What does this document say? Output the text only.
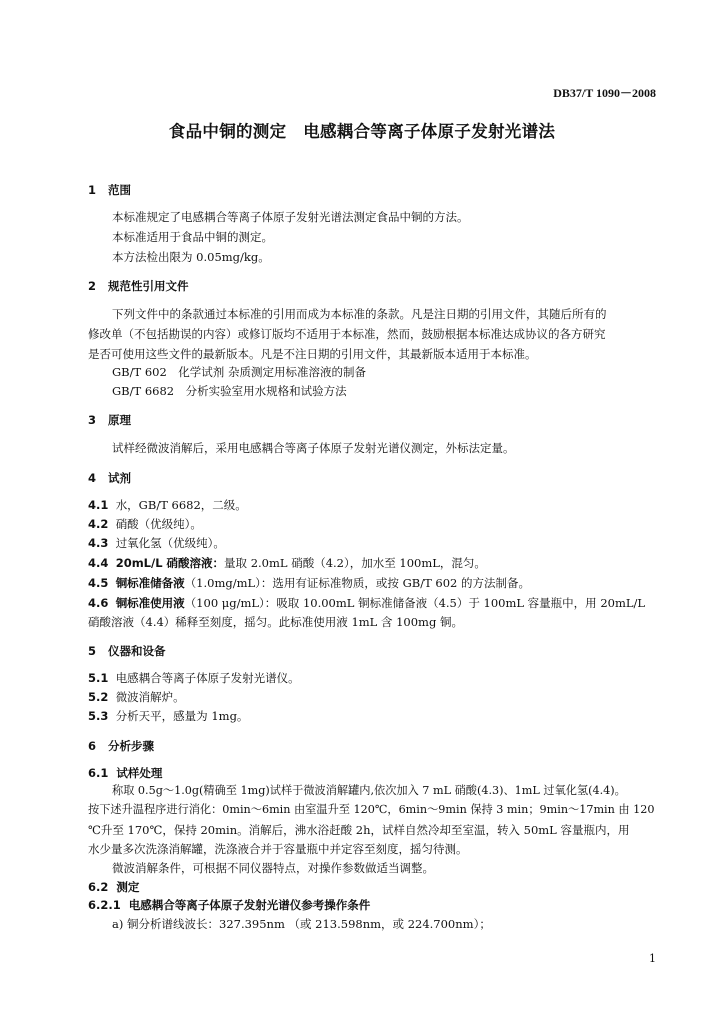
DB37/T 1090－2008
食品中铜的测定　电感耦合等离子体原子发射光谱法
1 范围
本标准规定了电感耦合等离子体原子发射光谱法测定食品中铜的方法。
本标准适用于食品中铜的测定。
本方法检出限为 0.05mg/kg。
2 规范性引用文件
下列文件中的条款通过本标准的引用而成为本标准的条款。凡是注日期的引用文件，其随后所有的
修改单（不包括勘误的内容）或修订版均不适用于本标准，然而，鼓励根据本标准达成协议的各方研究
是否可使用这些文件的最新版本。凡是不注日期的引用文件，其最新版本适用于本标准。
GB/T 602　化学试剂 杂质测定用标准溶液的制备
GB/T 6682　分析实验室用水规格和试验方法
3 原理
试样经微波消解后，采用电感耦合等离子体原子发射光谱仪测定，外标法定量。
4 试剂
4.1 水，GB/T 6682，二级。
4.2 硝酸（优级纯）。
4.3 过氧化氢（优级纯）。
4.4 20mL/L 硝酸溶液：量取 2.0mL 硝酸（4.2），加水至 100mL，混匀。
4.5 铜标准储备液（1.0mg/mL）：选用有证标准物质，或按 GB/T 602 的方法制备。
4.6 铜标准使用液（100 μg/mL）：吸取 10.00mL 铜标准储备液（4.5）于 100mL 容量瓶中，用 20mL/L
硝酸溶液（4.4）稀释至刻度，摇匀。此标准使用液 1mL 含 100mg 铜。
5 仪器和设备
5.1 电感耦合等离子体原子发射光谱仪。
5.2 微波消解炉。
5.3 分析天平，感量为 1mg。
6 分析步骤
6.1 试样处理
称取 0.5g～1.0g(精确至 1mg)试样于微波消解罐内,依次加入 7 mL 硝酸(4.3)、1mL 过氧化氢(4.4)。
按下述升温程序进行消化：0min～6min 由室温升至 120℃，6min～9min 保持 3 min；9min～17min 由 120
℃升至 170℃，保持 20min。消解后，沸水浴赶酸 2h，试样自然冷却至室温，转入 50mL 容量瓶内，用
水少量多次洗涤消解罐，洗涤液合并于容量瓶中并定容至刻度，摇匀待测。
微波消解条件，可根据不同仪器特点，对操作参数做适当调整。
6.2 测定
6.2.1 电感耦合等离子体原子发射光谱仪参考操作条件
a) 铜分析谱线波长：327.395nm （或 213.598nm，或 224.700nm）；
1
